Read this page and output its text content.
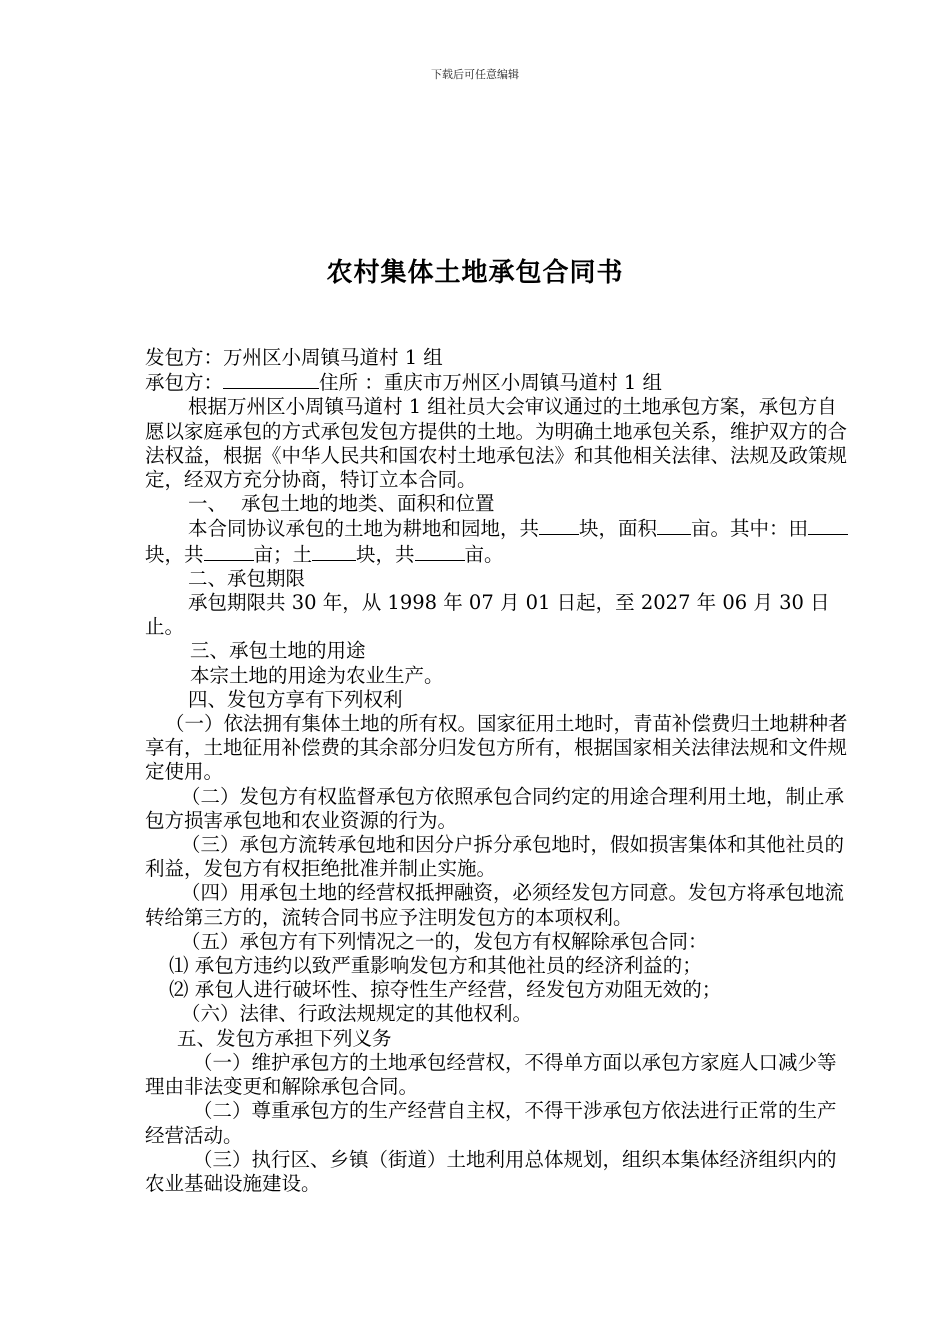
下载后可任意编辑
农村集体土地承包合同书

发包方：万州区小周镇马道村 1 组

承包方：	住所 ：重庆市万州区小周镇马道村 1 组

根据万州区小周镇马道村 1 组社员大会审议通过的土地承包方案，承包方自愿以家庭承包的方式承包发包方提供的土地。为明确土地承包关系，维护双方的合法权益，根据《中华人民共和国农村土地承包法》和其他相关法律、法规及政策规定，经双方充分协商，特订立本合同。

一、 承包土地的地类、面积和位置

本合同协议承包的土地为耕地和园地，共 块，面积 亩。其中：田块，共	亩；土 块，共	亩。

二、承包期限

承包期限共 30 年，从 1998 年 07 月 01 日起，至 2027 年 06 月 30 日止。

三、承包土地的用途

本宗土地的用途为农业生产。

四、发包方享有下列权利

（一）依法拥有集体土地的所有权。国家征用土地时，青苗补偿费归土地耕种者享有，土地征用补偿费的其余部分归发包方所有，根据国家相关法律法规和文件规定使用。

（二）发包方有权监督承包方依照承包合同约定的用途合理利用土地，制止承包方损害承包地和农业资源的行为。

（三）承包方流转承包地和因分户拆分承包地时，假如损害集体和其他社员的利益，发包方有权拒绝批准并制止实施。

（四）用承包土地的经营权抵押融资，必须经发包方同意。发包方将承包地流转给第三方的，流转合同书应予注明发包方的本项权利。

（五）承包方有下列情况之一的，发包方有权解除承包合同：

⑴ 承包方违约以致严重影响发包方和其他社员的经济利益的；

⑵ 承包人进行破坏性、掠夺性生产经营，经发包方劝阻无效的；

（六）法律、行政法规规定的其他权利。

五、发包方承担下列义务

（一）维护承包方的土地承包经营权，不得单方面以承包方家庭人口减少等理由非法变更和解除承包合同。

（二）尊重承包方的生产经营自主权，不得干涉承包方依法进行正常的生产经营活动。

（三）执行区、乡镇（街道）土地利用总体规划，组织本集体经济组织内的农业基础设施建设。
